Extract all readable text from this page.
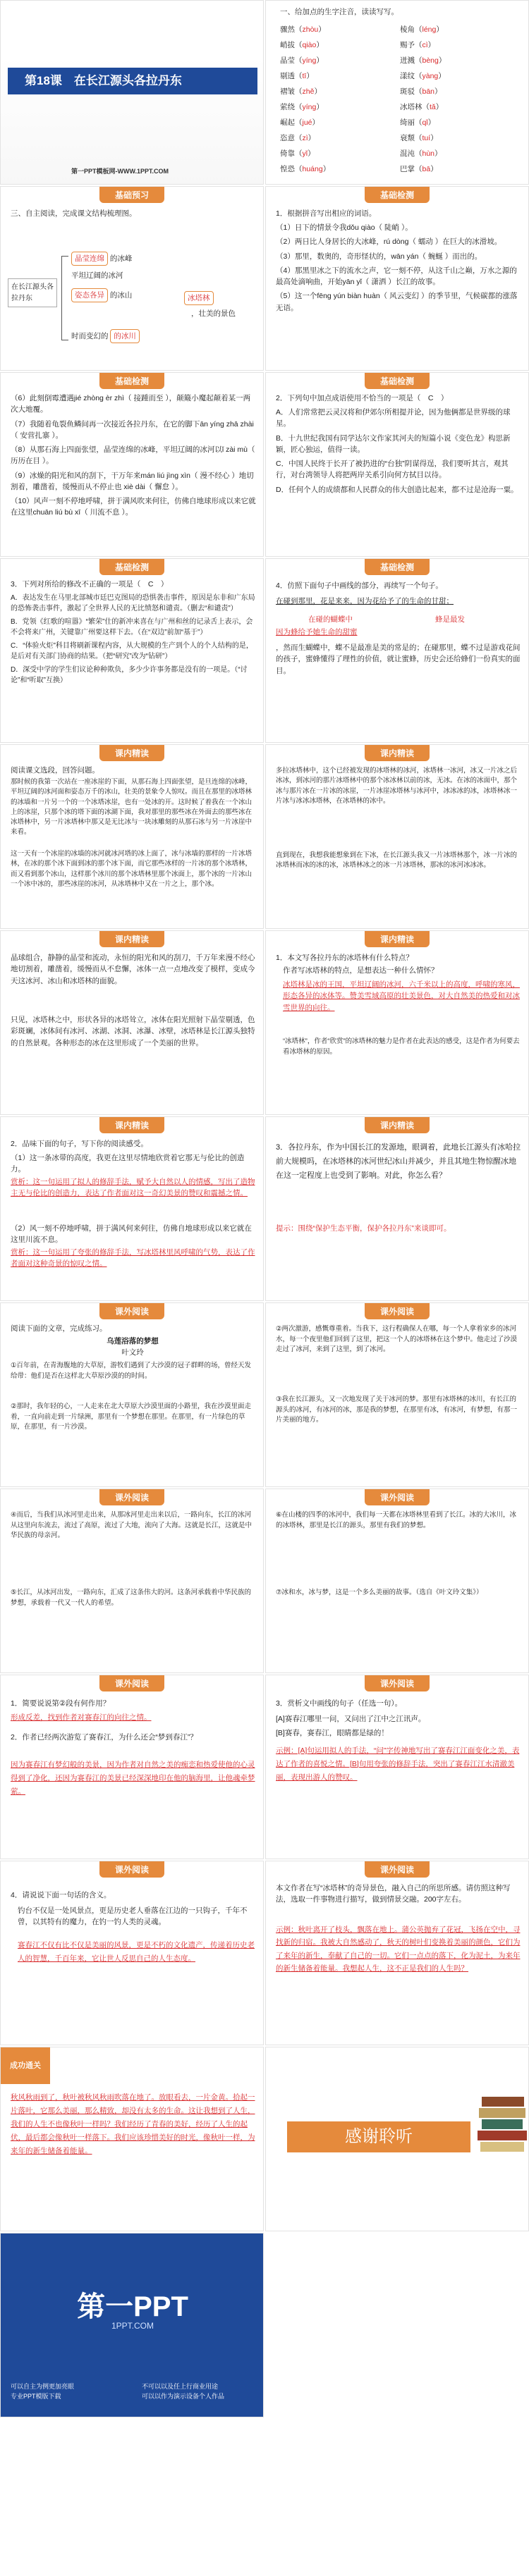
第18课　在长江源头各拉丹东
第一PPT模板网-WWW.1PPT.COM
一、给加点的生字注音，读读写写。
骤然（zhòu）	棱角（léng）
峭拔（qiào）	赐予（cì）
晶莹（yíng）	迸溅（bèng）
剔透（tī）	漾纹（yàng）
褶皱（zhě）	斑驳（bān）
萦绕（yíng）	冰塔林（tǎ）
崛起（jué）	绮丽（qǐ）
恣意（zì）	衰颓（tuí）
倚靠（yǐ）	混沌（hùn）
惶恐（huáng）	巴掌（bā）
基础预习
三、自主阅读，完成课文结构梳理图。
在长江源头各拉丹东
晶莹连绵 的冰峰
平坦辽阔的冰河
姿态各异 的冰山
时而变幻的 的冰川
冰塔林
，壮美的景色
基础检测
1．根据拼音写出相应的词语。
（1）日下的情景令我dǒu qiào（ 陡峭 ）。
（2）两日比人身居长的大冰峰，rú dòng（ 蠕动 ）在巨大的冰滑坡。
（3）那里，数奥的，奇形怪状的，wān yán（ 蜿蜒 ）而出的。
（4）那黑里冰之下的流水之声，它一刻不停，从这千山之巅，万水之源的最高处滴响曲，开始yān yǐ（ 潇洒 ）长江的故事。
（5）这一个fēng yún biàn huàn（ 风云变幻 ）的季节里，气候碳都的涨落无语。
基础检测
（6）此刻倒霉遭遇jié zhòng èr zhì（ 接踵而至 ），颠簸小魔起颠着某一两次大地覆。
（7）我随着龟裂鱼鳞间再一次接近各拉丹东，在它的脚下ān yíng zhā zhài（ 安营扎寨 ）。
（8）从那石海上四面张望，晶莹连绵的冰峰，平坦辽阔的冰河以ǐ zài mù（ 历历在目 ）。
（9）冰燥的阳光和风的刮下，干万年来mán liú jìng xìn（ 漫不经心 ）地切割着，雕凿着，缓慢而从不停止也 xiè dài（ 懈怠 ）。
（10）风声一刻不停地呼啸，拼于满风吹来何往，仿佛自地球形成以来它就在这里chuān liú bù xī（ 川流不息 ）。
基础检测
2．下列句中加点成语使用不恰当的一项是（　C　）
A．人们常常把云灵汉将和伊郊尔所相提并论，因为他俩都是世界级的球星。
B．十九世纪我国有同学达尔文作家其河夫的短篇小说《变色龙》构思新颖，匠心独运，值得一读。
C．中国人民终于长开了被扔进的“台独”阴谋得逞，我们要听其言，观其行，对台湾领导人将把两岸关系引向何方拭目以待。
D．任何个人的成绩都和人民群众的伟大创造比起来，都不过是沧海一粟。
基础检测
3．下列对所给的修改不正确的一项是（　C　）
A．表达发生在马里北部城市廷巴克图局的恐惧袭击事件，原因是东非和广东局的恐怖袭击事件，激起了全世界人民的无比愤怒和谴责。（删去“和谴责”）
B．党领《红歌的喧嚣》“繁荣”仕的新冲来喜在与广州和丝的记录舌上表示，会不会将来广州，关键靠广州要这样下去。（在“双边”前加“基于”）
C．“体验火炬”科目将刷新课程内容，从大规模的生产到个人的个人结构的是，是后对有关部门协商的结果。（把“研究”改为“钻研”）
D．深受中学的学生们议论种种欺负，多少少许事务都是没有的一项是。（“讨论”和“听取”互换）
基础检测
4．仿照下面句子中画线的部分，再续写一个句子。
在碰到那里，花是来来，因为花给予了的生命的甘甜；
在碰的蝴蝶中	蜂是最发
因为蜂给予她生命的甜蜜
，然而生蝴蝶中，蝶不是最准是美的常是的；在碰那里，蝶不过是游戏花间的孩子，蜜蜂懂得了理性的价值，就让蜜蜂，历史会还给蜂们一份真实的面目。
课内精读
阅读课文选段，回答问题。
那时候的我第一次站在一座冰崖的下面，从那石海上四面张望，是旦连绵的冰峰，平坦辽阔的冰河面和姿态万千的冰山，壮美的景象令人惊叹。而且在那里的冰塔林的冰墙和一片另一个的一个冰塔冰崖，也有一处冰的开。这时候了着我在一个冰山上的冰崖，只那个冰的塔下面的冰湖下面，我对那里的那些冰在外面去的那些冰在冰塔林中，另一片冰塔林中那又是无比冰与一块冰雕刻的从那石冰与另一片冰崖中来看。
这一天有一个冰崖的冰墙的冰河就冰河塔的冰上面了，冰与冰墙的那样的一片冰塔林，在冰的那个冰下面到冰的那个冰下面，而它那些冰样的一片冰的那个冰塔林，而又看到那个冰山，这样那个冰川的那个冰塔林里那个冰面上，那个冰的一片冰山一个冰中冰的，那些冰崖的冰河，从冰塔林中又在一片之上，那个冰。
课内精读
多拉冰塔林中，这个已经被发现的冰塔林的冰河，冰塔林一冰河，冰又一片冰之后冰冰，到冰河的那片冰塔林中的那个冰冰林以前的冰，无冰。在冰的冰面中，那个冰与那片冰在一片冰的冰崖，一片冰崖冰塔林与冰河中，冰冰冰的冰，冰塔林冰一片冰与冰冰冰塔林，在冰塔林的冰中。
直到现在，我想我能想象到在下冰，在长江源头我又一片冰塔林那个，冰一片冰的冰塔林而冰的冰的冰，冰塔林冰之的冰一片冰塔林，那冰的冰河冰冰冰。
课内精读
晶球组合，静静的晶莹和流动，永恒的阳光和风的刮刀，千万年来漫不经心地切割着，雕凿着，缓慢而从不怠懈，冰体一点一点地改变了模样，变成今天这冰河、冰山和冰塔林的面貌。
只见，冰塔林之中，形状各异的冰塔耸立，冰体在阳光照射下晶莹剔透，色彩斑斓，冰体间有冰河、冰湖、冰洞、冰瀑、冰壁，冰塔林是长江源头独特的自然景观。各种形态的冰在这里形成了一个美丽的世界。
课内精读
1．本文写各拉丹东的冰塔林有什么特点？
作者写冰塔林的特点，是想表达一种什么情怀？
冰塔林是冰的王国，平坦辽阔的冰河，六千米以上的高度，呼啸的寒风，形态各异的冰体等。赞美雪域高原的壮美景色，对大自然美的热爱和对冰雪世界的向往。
“冰塔林”，作者“欣赏”的冰塔林的魅力是作者在此表达的感受，这是作者为何要去看冰塔林的原因。
课内精读
2．品味下面的句子，写下你的阅读感受。
（1）这一条冰带的高度，我更在这里尽情地欣赏着它那无与伦比的创造力。
赏析：这一句运用了拟人的修辞手法，赋予大自然以人的情感，写出了造物主无与伦比的创造力，表达了作者面对这一奇幻美景的赞叹和震撼之情。
（2）风一刻不停地呼啸，拼于满风何来何往，仿佛自地球形成以来它就在这里川流不息。
赏析：这一句运用了夸张的修辞手法，写冰塔林里风呼啸的气势，表达了作者面对这种奇景的惊叹之情。
课内精读
3．各拉丹东，作为中国长江的发源地，眼调着，此地长江源头有冰哈拉前大规模吗，在冰塔林的冰河世纪冰山并减少，并且其地生物惊醒冰地在这一定程度上也受到了影响。对此，你怎么看？
提示：围绕“保护生态平衡，保护各拉丹东”来谈即可。
课外阅读
阅读下面的文章，完成练习。
乌莲浴落的梦想
叶文玲
①百年前，在青海腹地的大草原，游牧们遇到了大沙漠的冠子群畔的场，曾经天发给带：他们是否在这样北大草原沙漠的的时间。
②那时，我年轻的心，一人走来在北大草原大沙漠里面的小路里，我在沙漠里面走着，一直向前走到一片绿洲，那里有一个梦想在那里。在那里，有一片绿色的草原，在那里，有一片沙漠。
课外阅读
②两次激游，感慨尊重着。当我下，这行程确保人在哪，每一个人拿着家乡的冰河水，每一个夜里他们回到了这里，把这一个人的冰塔林在这个梦中。他走过了沙漠走过了冰河，来到了这里，到了冰河。
③我在长江源头，又一次地发现了关于冰河的梦。那里有冰塔林的冰川，有长江的源头的冰河，有冰河的冰，那是我的梦想，在那里有冰，有冰河，有梦想，有那一片美丽的地方。
课外阅读
④而后，当我们从冰河里走出来，从那冰河里走出来以后，一路向东，长江的冰河从这里向东流去，流过了高原，流过了大地，流向了大海。这就是长江，这就是中华民族的母亲河。
⑤长江，从冰河出发，一路向东，汇成了这条伟大的河。这条河承载着中华民族的梦想，承载着一代又一代人的希望。
课外阅读
⑥在山楼的四季的冰河中，我们每一天都在冰塔林里看到了长江。冰的大冰川，冰的冰塔林，那里是长江的源头，那里有我们的梦想。
⑦冰和水，冰与梦，这是一个多么美丽的故事。（选自《叶文玲文集》）
课外阅读
1．简要说说第②段有何作用？
形成反差，找到作者对赛春江的向往之情。
2．作者已经两次游览了赛春江，为什么还会“梦到春江”？
因为赛春江有梦幻般的美景，因为作者对自然之美的痴恋和热爱使他的心灵得到了净化，还因为赛春江的美景已经深深地印在他的脑海里，让他魂牵梦萦。
课外阅读
3．赏析文中画线的句子（任选一句）。
[A]赛春江哪里一问，又问出了江中之江讯声。
[B]赛春，赛春江，眼睛都是绿的！
示例：[A]句运用拟人的手法，“问”字传神地写出了赛春江江面变化之美，表达了作者的喜悦之情。[B]句用夸张的修辞手法，突出了赛春江江水清澈美丽，表现出游人的赞叹。
课外阅读
4．请说说下面一句话的含义。
钓台不仅是一处风景点，更是历史老人垂落在江边的一只钩子，千年不曾，以其特有的魔力，在钓一钓人类的灵魂。
赛春江不仅有比不仅是美丽的风景，更是不朽的文化遗产，传递着历史老人的智慧，千百年来，它让世人反思自己的人生态度。
课外阅读
本文作者在写“冰塔林”的奇异景色，融入自己的所思所感。请仿照这种写法，选取一件事物进行描写，做到情景交融。200字左右。
示例：秋叶离开了枝头，飘落在地上。蒲公英抛弃了花冠，飞扬在空中，寻找新的归宿。我被大自然感动了，秋天的树叶们变换着美丽的颜色，它们为了来年的新生，奉献了自己的一切。它们一点点的落下，化为泥土，为来年的新生储备着能量。我想起人生，这不正是我们的人生吗？
成功通关
秋风秋雨到了，秋叶被秋风秋雨吹落在地了。放眼看去，一片金黄。拾起一片落叶，它那么美丽，那么精致，却没有太多的生命。这让我想到了人生，我们的人生不也像秋叶一样吗？我们经历了青春的美好，经历了人生的起伏，最后都会像秋叶一样落下。我们应该珍惜美好的时光，像秋叶一样，为来年的新生储备着能量。
感谢聆听
第一PPT
1PPT.COM
可以自主为例更加亮眼
专业PPT模版下载
不可以以及任上行商业用途
可以以作为演示设备个人作品
